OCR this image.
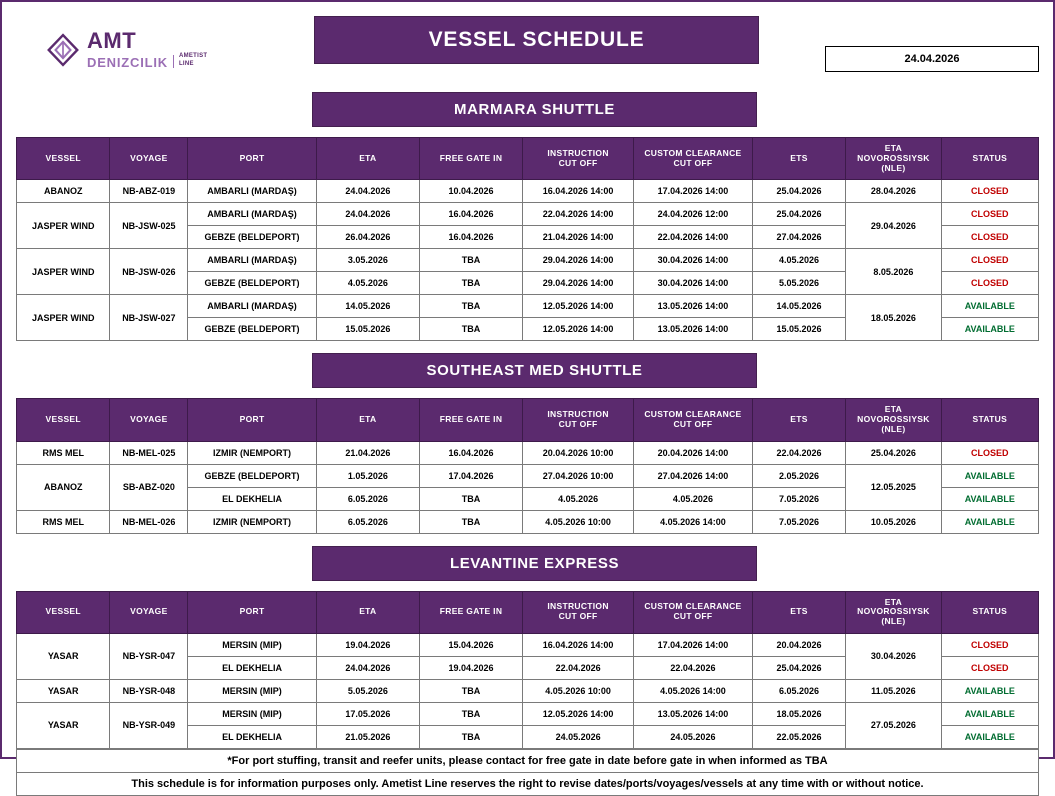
AMT
DENIZCILIK AMETIST
LINE
VESSEL SCHEDULE
24.04.2026
MARMARA SHUTTLE
VESSEL	VOYAGE	PORT	ETA	FREE GATE IN	INSTRUCTION
CUT OFF	CUSTOM CLEARANCE
CUT OFF	ETS	ETA
NOVOROSSIYSK (NLE)	STATUS
ABANOZ	NB-ABZ-019	AMBARLI (MARDAŞ)	24.04.2026	10.04.2026	16.04.2026 14:00	17.04.2026 14:00	25.04.2026	28.04.2026	CLOSED
JASPER WIND	NB-JSW-025	AMBARLI (MARDAŞ)	24.04.2026	16.04.2026	22.04.2026 14:00	24.04.2026 12:00	25.04.2026	29.04.2026	CLOSED
		GEBZE (BELDEPORT)	26.04.2026	16.04.2026	21.04.2026 14:00	22.04.2026 14:00	27.04.2026		CLOSED
JASPER WIND	NB-JSW-026	AMBARLI (MARDAŞ)	3.05.2026	TBA	29.04.2026 14:00	30.04.2026 14:00	4.05.2026	8.05.2026	CLOSED
		GEBZE (BELDEPORT)	4.05.2026	TBA	29.04.2026 14:00	30.04.2026 14:00	5.05.2026		CLOSED
JASPER WIND	NB-JSW-027	AMBARLI (MARDAŞ)	14.05.2026	TBA	12.05.2026 14:00	13.05.2026 14:00	14.05.2026	18.05.2026	AVAILABLE
		GEBZE (BELDEPORT)	15.05.2026	TBA	12.05.2026 14:00	13.05.2026 14:00	15.05.2026		AVAILABLE
SOUTHEAST MED SHUTTLE
VESSEL	VOYAGE	PORT	ETA	FREE GATE IN	INSTRUCTION
CUT OFF	CUSTOM CLEARANCE
CUT OFF	ETS	ETA
NOVOROSSIYSK (NLE)	STATUS
RMS MEL	NB-MEL-025	IZMIR (NEMPORT)	21.04.2026	16.04.2026	20.04.2026 10:00	20.04.2026 14:00	22.04.2026	25.04.2026	CLOSED
ABANOZ	SB-ABZ-020	GEBZE (BELDEPORT)	1.05.2026	17.04.2026	27.04.2026 10:00	27.04.2026 14:00	2.05.2026	12.05.2025	AVAILABLE
		EL DEKHELIA	6.05.2026	TBA	4.05.2026	4.05.2026	7.05.2026		AVAILABLE
RMS MEL	NB-MEL-026	IZMIR (NEMPORT)	6.05.2026	TBA	4.05.2026 10:00	4.05.2026 14:00	7.05.2026	10.05.2026	AVAILABLE
LEVANTINE EXPRESS
VESSEL	VOYAGE	PORT	ETA	FREE GATE IN	INSTRUCTION
CUT OFF	CUSTOM CLEARANCE
CUT OFF	ETS	ETA
NOVOROSSIYSK (NLE)	STATUS
YASAR	NB-YSR-047	MERSIN (MIP)	19.04.2026	15.04.2026	16.04.2026 14:00	17.04.2026 14:00	20.04.2026	30.04.2026	CLOSED
		EL DEKHELIA	24.04.2026	19.04.2026	22.04.2026	22.04.2026	25.04.2026		CLOSED
YASAR	NB-YSR-048	MERSIN (MIP)	5.05.2026	TBA	4.05.2026 10:00	4.05.2026 14:00	6.05.2026	11.05.2026	AVAILABLE
YASAR	NB-YSR-049	MERSIN (MIP)	17.05.2026	TBA	12.05.2026 14:00	13.05.2026 14:00	18.05.2026	27.05.2026	AVAILABLE
		EL DEKHELIA	21.05.2026	TBA	24.05.2026	24.05.2026	22.05.2026		AVAILABLE
*For port stuffing, transit and reefer units, please contact for free gate in date before gate in when informed as TBA
This schedule is for information purposes only. Ametist Line reserves the right to revise dates/ports/voyages/vessels at any time with or without notice.
